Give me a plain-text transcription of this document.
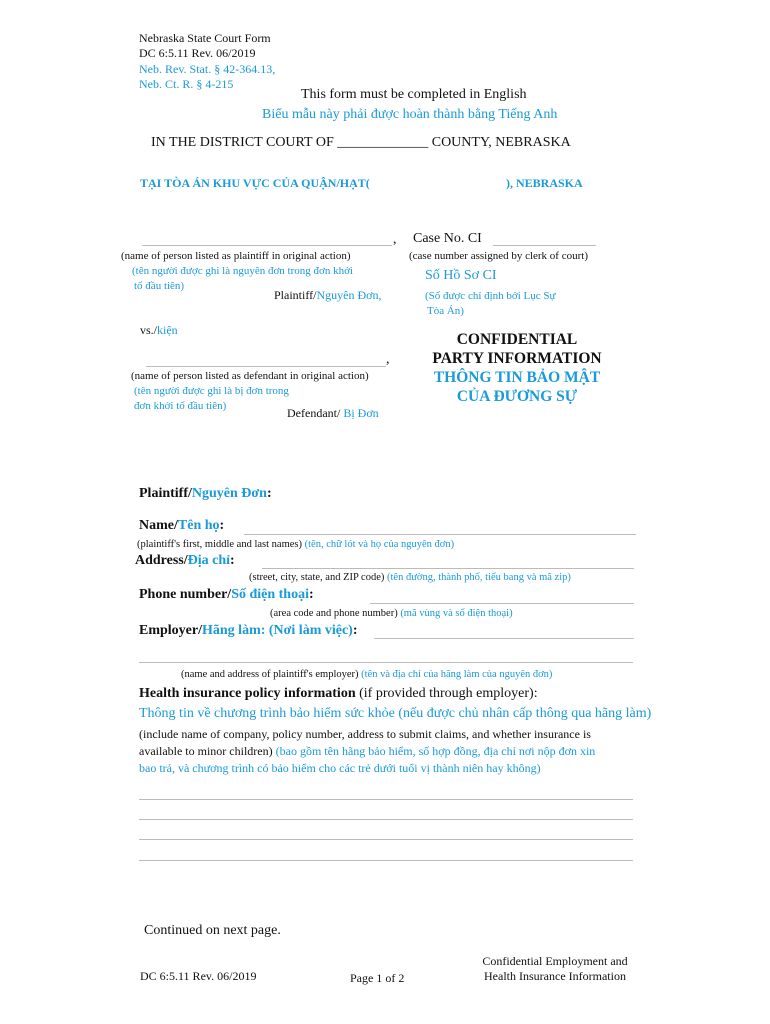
Nebraska State Court Form
DC 6:5.11 Rev. 06/2019
Neb. Rev. Stat. § 42-364.13,
Neb. Ct. R. § 4-215
This form must be completed in English
Biểu mẫu này phải được hoàn thành bằng Tiếng Anh
IN THE DISTRICT COURT OF _____________ COUNTY, NEBRASKA
TẠI TÒA ÁN KHU VỰC CỦA QUẬN/HẠT(	), NEBRASKA
,
(name of person listed as plaintiff in original action)
(tên người được ghi là nguyên đơn trong đơn khởi
tố đầu tiên)
Plaintiff/Nguyên Đơn,
vs./kiện
,
(name of person listed as defendant in original action)
(tên người được ghi là bị đơn trong
đơn khởi tố đầu tiên)	Defendant/ Bị Đơn
Case No. CI
(case number assigned by clerk of court)
Số Hồ Sơ CI
(Số được chỉ định bởi Lục Sự
Tòa Án)
CONFIDENTIAL
PARTY INFORMATION
THÔNG TIN BẢO MẬT
CỦA ĐƯƠNG SỰ
Plaintiff/Nguyên Đơn:
Name/Tên họ:
(plaintiff's first, middle and last names) (tên, chữ lót và họ của nguyên đơn)
Address/Địa chỉ:
(street, city, state, and ZIP code) (tên đường, thành phố, tiểu bang và mã zip)
Phone number/Số điện thoại:
(area code and phone number) (mã vùng và số điện thoại)
Employer/Hãng làm: (Nơi làm việc):
(name and address of plaintiff's employer) (tên và địa chỉ của hãng làm của nguyên đơn)
Health insurance policy information (if provided through employer):
Thông tin về chương trình bảo hiểm sức khỏe (nếu được chủ nhân cấp thông qua hãng làm)
(include name of company, policy number, address to submit claims, and whether insurance is
available to minor children) (bao gồm tên hãng bảo hiểm, số hợp đồng, địa chỉ nơi nộp đơn xin
bao trả, và chương trình có bảo hiểm cho các trẻ dưới tuổi vị thành niên hay không)
Continued on next page.
DC 6:5.11 Rev. 06/2019	Page 1 of 2
Confidential Employment and
Health Insurance Information
